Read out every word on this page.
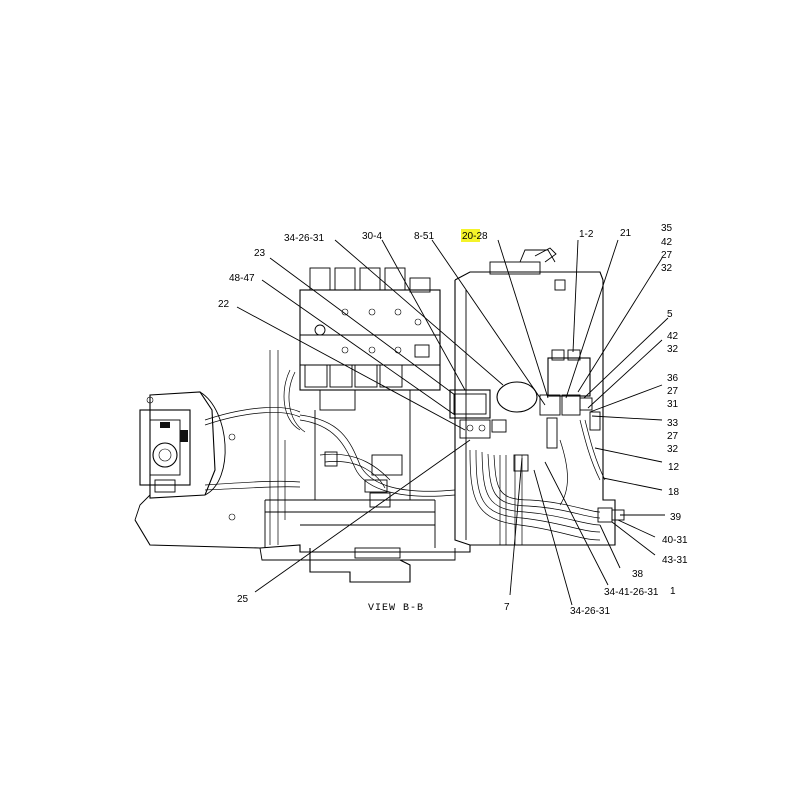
34-26-31	30-4	8-51	20-28	1-2	21
23
48-47
22
25
7	34-26-31
34-41-26-31
38
43-31
40-31
39
18
12
5
1
35
42
27
32
42
32
36
27
31
33
27
32
VIEW B-B
